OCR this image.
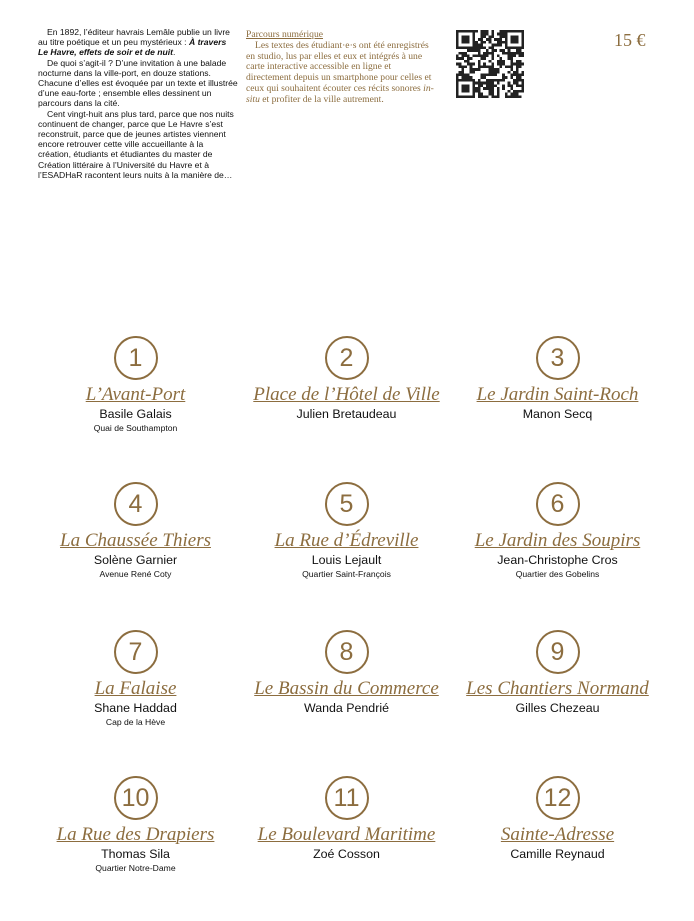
En 1892, l’éditeur havrais Lemâle publie un livre au titre poétique et un peu mystérieux : À travers Le Havre, effets de soir et de nuit.

De quoi s’agit-il ? D’une invitation à une balade nocturne dans la ville-port, en douze stations. Chacune d’elles est évoquée par un texte et illustrée d’une eau-forte ; ensemble elles dessinent un parcours dans la cité.

Cent vingt-huit ans plus tard, parce que nos nuits continuent de changer, parce que Le Havre s’est reconstruit, parce que de jeunes artistes viennent encore retrouver cette ville accueillante à la création, étudiants et étudiantes du master de Création littéraire à l’Université du Havre et à l’ESADHaR racontent leurs nuits à la manière de…

Parcours numérique

Les textes des étudiant·e·s ont été enregistrés en studio, lus par elles et eux et intégrés à une carte interactive accessible en ligne et directement depuis un smartphone pour celles et ceux qui souhaitent écouter ces récits sonores in-situ et profiter de la ville autrement.

15 €
1
L’Avant-Port
Basile Galais
Quai de Southampton
2
Place de l’Hôtel de Ville
Julien Bretaudeau
3
Le Jardin Saint-Roch
Manon Secq
4
La Chaussée Thiers
Solène Garnier
Avenue René Coty
5
La Rue d’Édreville
Louis Lejault
Quartier Saint-François
6
Le Jardin des Soupirs
Jean-Christophe Cros
Quartier des Gobelins
7
La Falaise
Shane Haddad
Cap de la Hève
8
Le Bassin du Commerce
Wanda Pendrié
9
Les Chantiers Normand
Gilles Chezeau
10
La Rue des Drapiers
Thomas Sila
Quartier Notre-Dame
11
Le Boulevard Maritime
Zoé Cosson
12
Sainte-Adresse
Camille Reynaud
